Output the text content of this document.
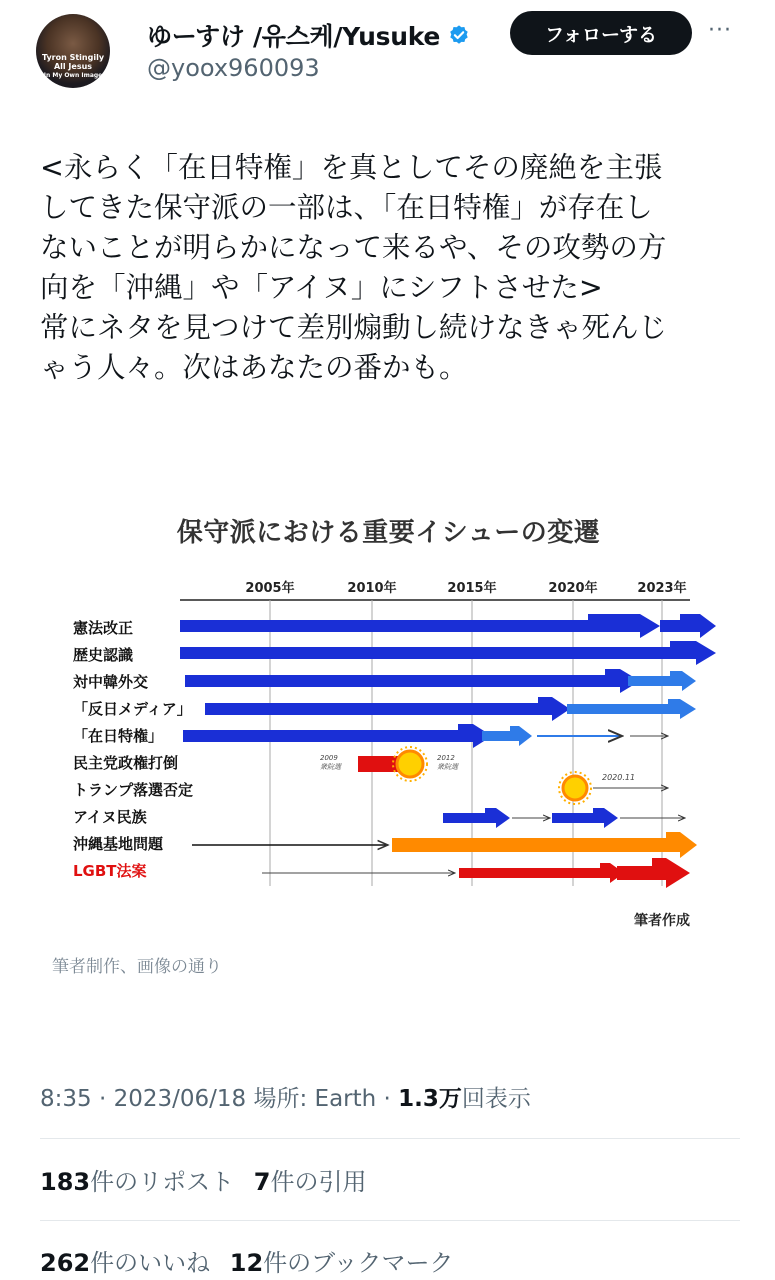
Tyron Stingily
All Jesus
In My Own Image
ゆーすけ /유스케/Yusuke
@yoox960093
フォローする	···
<永らく「在日特権」を真としてその廃絶を主張
してきた保守派の一部は、「在日特権」が存在し
ないことが明らかになって来るや、その攻勢の方
向を「沖縄」や「アイヌ」にシフトさせた>
常にネタを見つけて差別煽動し続けなきゃ死んじ
ゃう人々。次はあなたの番かも。
保守派における重要イシューの変遷
2005年	2010年	2015年	2020年	2023年
憲法改正
歴史認識
対中韓外交
「反日メディア」
「在日特権」
民主党政権打倒
トランプ落選否定
アイヌ民族
沖縄基地問題
LGBT法案
2009
衆院選
2012
衆院選
2020.11
筆者作成
筆者制作、画像の通り
8:35 · 2023/06/18 場所: Earth · 1.3万回表示
183件のリポスト 7件の引用
262件のいいね 12件のブックマーク
